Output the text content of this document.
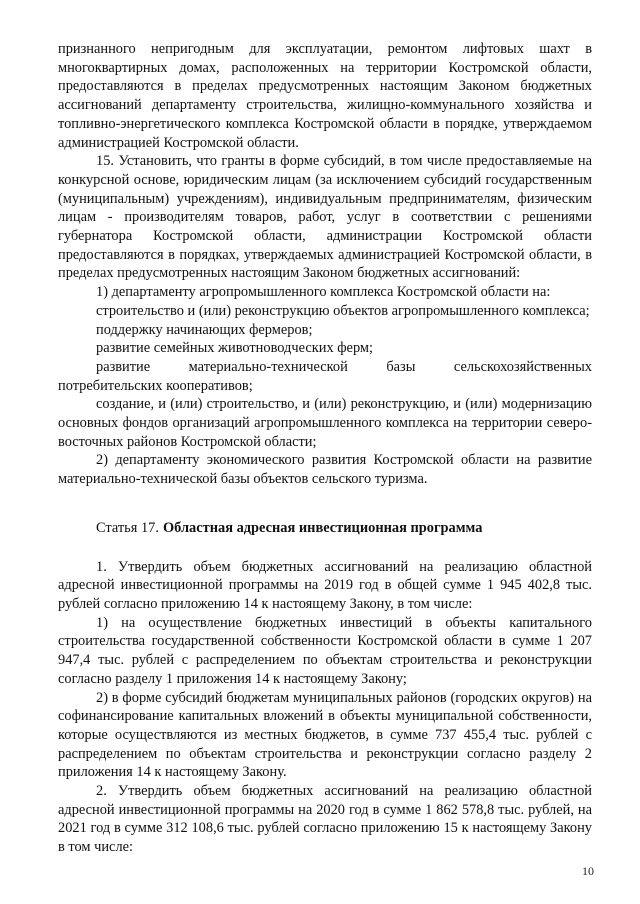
признанного непригодным для эксплуатации, ремонтом лифтовых шахт в многоквартирных домах, расположенных на территории Костромской области, предоставляются в пределах предусмотренных настоящим Законом бюджетных ассигнований департаменту строительства, жилищно-коммунального хозяйства и топливно-энергетического комплекса Костромской области в порядке, утверждаемом администрацией Костромской области.

15. Установить, что гранты в форме субсидий, в том числе предоставляемые на конкурсной основе, юридическим лицам (за исключением субсидий государственным (муниципальным) учреждениям), индивидуальным предпринимателям, физическим лицам - производителям товаров, работ, услуг в соответствии с решениями губернатора Костромской области, администрации Костромской области предоставляются в порядках, утверждаемых администрацией Костромской области, в пределах предусмотренных настоящим Законом бюджетных ассигнований:

1) департаменту агропромышленного комплекса Костромской области на:

строительство и (или) реконструкцию объектов агропромышленного комплекса;

поддержку начинающих фермеров;

развитие семейных животноводческих ферм;

развитие материально-технической базы сельскохозяйственных потребительских кооперативов;

создание, и (или) строительство, и (или) реконструкцию, и (или) модернизацию основных фондов организаций агропромышленного комплекса на территории северо-восточных районов Костромской области;

2) департаменту экономического развития Костромской области на развитие материально-технической базы объектов сельского туризма.

Статья 17. Областная адресная инвестиционная программа

1. Утвердить объем бюджетных ассигнований на реализацию областной адресной инвестиционной программы на 2019 год в общей сумме 1 945 402,8 тыс. рублей согласно приложению 14 к настоящему Закону, в том числе:

1) на осуществление бюджетных инвестиций в объекты капитального строительства государственной собственности Костромской области в сумме 1 207 947,4 тыс. рублей с распределением по объектам строительства и реконструкции согласно разделу 1 приложения 14 к настоящему Закону;

2) в форме субсидий бюджетам муниципальных районов (городских округов) на софинансирование капитальных вложений в объекты муниципальной собственности, которые осуществляются из местных бюджетов, в сумме 737 455,4 тыс. рублей с распределением по объектам строительства и реконструкции согласно разделу 2 приложения 14 к настоящему Закону.

2. Утвердить объем бюджетных ассигнований на реализацию областной адресной инвестиционной программы на 2020 год в сумме 1 862 578,8 тыс. рублей, на 2021 год в сумме 312 108,6 тыс. рублей согласно приложению 15 к настоящему Закону в том числе:

10
